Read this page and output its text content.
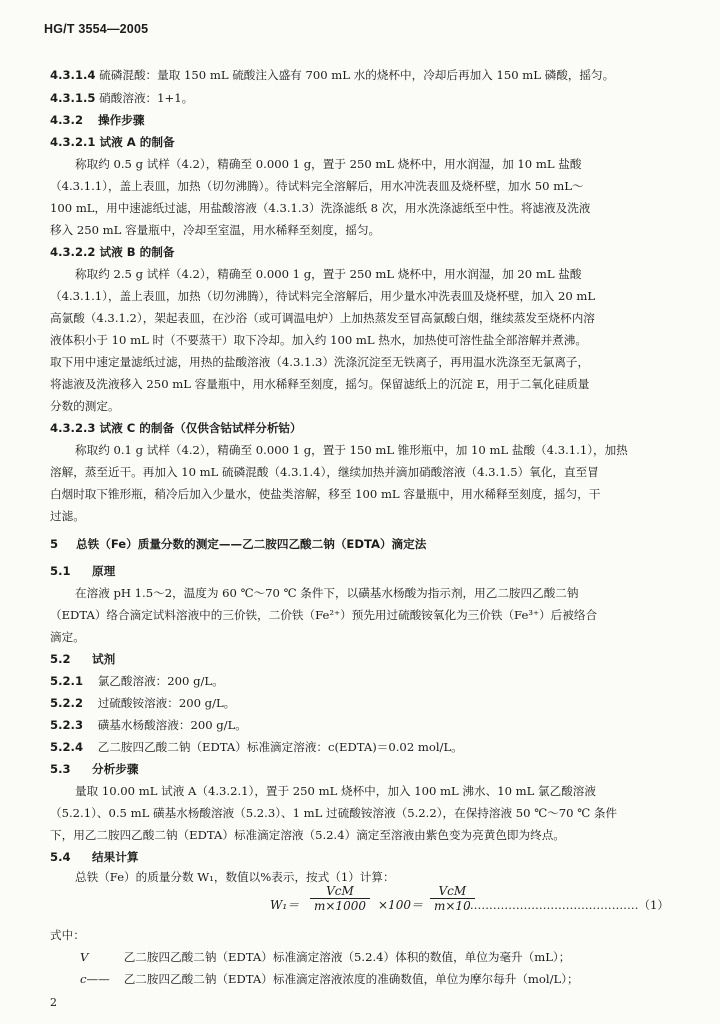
HG/T 3554—2005
4.3.1.4 硫磷混酸：量取 150 mL 硫酸注入盛有 700 mL 水的烧杯中，冷却后再加入 150 mL 磷酸，摇匀。
4.3.1.5 硝酸溶液：1+1。
4.3.2 操作步骤
4.3.2.1 试液 A 的制备
称取约 0.5 g 试样（4.2），精确至 0.000 1 g，置于 250 mL 烧杯中，用水润湿，加 10 mL 盐酸
（4.3.1.1），盖上表皿，加热（切勿沸腾）。待试料完全溶解后，用水冲洗表皿及烧杯壁，加水 50 mL～
100 mL，用中速滤纸过滤，用盐酸溶液（4.3.1.3）洗涤滤纸 8 次，用水洗涤滤纸至中性。将滤液及洗液
移入 250 mL 容量瓶中，冷却至室温，用水稀释至刻度，摇匀。
4.3.2.2 试液 B 的制备
称取约 2.5 g 试样（4.2），精确至 0.000 1 g，置于 250 mL 烧杯中，用水润湿，加 20 mL 盐酸
（4.3.1.1），盖上表皿，加热（切勿沸腾），待试料完全溶解后，用少量水冲洗表皿及烧杯壁，加入 20 mL
高氯酸（4.3.1.2），架起表皿，在沙浴（或可调温电炉）上加热蒸发至冒高氯酸白烟，继续蒸发至烧杯内溶
液体积小于 10 mL 时（不要蒸干）取下冷却。加入约 100 mL 热水，加热使可溶性盐全部溶解并煮沸。
取下用中速定量滤纸过滤，用热的盐酸溶液（4.3.1.3）洗涤沉淀至无铁离子，再用温水洗涤至无氯离子，
将滤液及洗液移入 250 mL 容量瓶中，用水稀释至刻度，摇匀。保留滤纸上的沉淀 E，用于二氧化硅质量
分数的测定。
4.3.2.3 试液 C 的制备（仅供含钴试样分析钴）
称取约 0.1 g 试样（4.2），精确至 0.000 1 g，置于 150 mL 锥形瓶中，加 10 mL 盐酸（4.3.1.1），加热
溶解，蒸至近干。再加入 10 mL 硫磷混酸（4.3.1.4），继续加热并滴加硝酸溶液（4.3.1.5）氧化，直至冒
白烟时取下锥形瓶，稍冷后加入少量水，使盐类溶解，移至 100 mL 容量瓶中，用水稀释至刻度，摇匀，干
过滤。
5 总铁（Fe）质量分数的测定——乙二胺四乙酸二钠（EDTA）滴定法
5.1 原理
在溶液 pH 1.5～2，温度为 60 ℃～70 ℃ 条件下，以磺基水杨酸为指示剂，用乙二胺四乙酸二钠
（EDTA）络合滴定试料溶液中的三价铁，二价铁（Fe²⁺）预先用过硫酸铵氧化为三价铁（Fe³⁺）后被络合
滴定。
5.2 试剂
5.2.1 氯乙酸溶液：200 g/L。
5.2.2 过硫酸铵溶液：200 g/L。
5.2.3 磺基水杨酸溶液：200 g/L。
5.2.4 乙二胺四乙酸二钠（EDTA）标准滴定溶液：c(EDTA)＝0.02 mol/L。
5.3 分析步骤
量取 10.00 mL 试液 A（4.3.2.1），置于 250 mL 烧杯中，加入 100 mL 沸水、10 mL 氯乙酸溶液
（5.2.1）、0.5 mL 磺基水杨酸溶液（5.2.3）、1 mL 过硫酸铵溶液（5.2.2），在保持溶液 50 ℃～70 ℃ 条件
下，用乙二胺四乙酸二钠（EDTA）标准滴定溶液（5.2.4）滴定至溶液由紫色变为亮黄色即为终点。
5.4 结果计算
总铁（Fe）的质量分数 W₁，数值以%表示，按式（1）计算：
W₁＝
VcM
m×1000	×100＝
VcM
m×10
………………………………………（1）
式中：
V	乙二胺四乙酸二钠（EDTA）标准滴定溶液（5.2.4）体积的数值，单位为毫升（mL）；
c—— 乙二胺四乙酸二钠（EDTA）标准滴定溶液浓度的准确数值，单位为摩尔每升（mol/L）；
2
